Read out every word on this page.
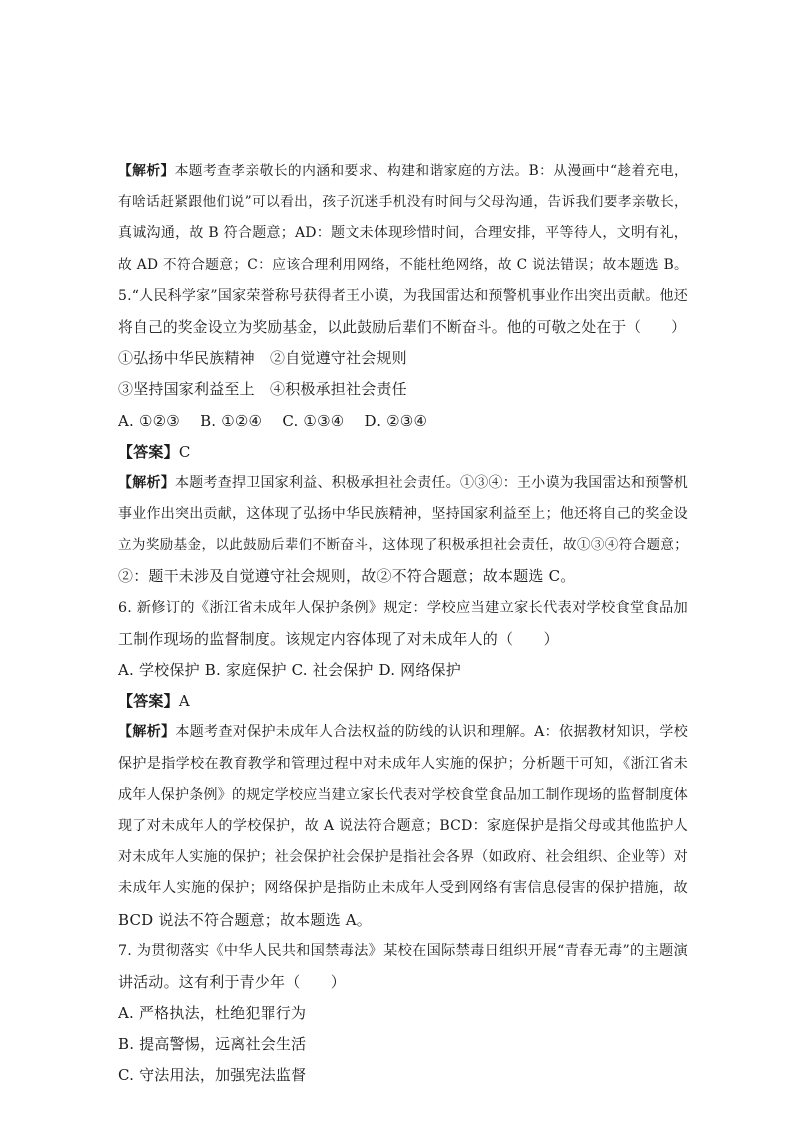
【解析】本题考查孝亲敬长的内涵和要求、构建和谐家庭的方法。B：从漫画中“趁着充电，
有啥话赶紧跟他们说”可以看出，孩子沉迷手机没有时间与父母沟通，告诉我们要孝亲敬长，
真诚沟通，故 B 符合题意；AD：题文未体现珍惜时间，合理安排，平等待人，文明有礼，
故 AD 不符合题意；C：应该合理利用网络，不能杜绝网络，故 C 说法错误；故本题选 B。
5.“人民科学家”国家荣誉称号获得者王小谟，为我国雷达和预警机事业作出突出贡献。他还
将自己的奖金设立为奖励基金，以此鼓励后辈们不断奋斗。他的可敬之处在于（　　）
①弘扬中华民族精神　②自觉遵守社会规则
③坚持国家利益至上　④积极承担社会责任
A. ①②③　 B. ①②④　 C. ①③④　 D. ②③④
【答案】C
【解析】本题考查捍卫国家利益、积极承担社会责任。①③④：王小谟为我国雷达和预警机
事业作出突出贡献，这体现了弘扬中华民族精神，坚持国家利益至上；他还将自己的奖金设
立为奖励基金，以此鼓励后辈们不断奋斗，这体现了积极承担社会责任，故①③④符合题意；
②：题干未涉及自觉遵守社会规则，故②不符合题意；故本题选 C。
6. 新修订的《浙江省未成年人保护条例》规定：学校应当建立家长代表对学校食堂食品加
工制作现场的监督制度。该规定内容体现了对未成年人的（　　）
A. 学校保护 B. 家庭保护 C. 社会保护 D. 网络保护
【答案】A
【解析】本题考查对保护未成年人合法权益的防线的认识和理解。A：依据教材知识，学校
保护是指学校在教育教学和管理过程中对未成年人实施的保护；分析题干可知，《浙江省未
成年人保护条例》的规定学校应当建立家长代表对学校食堂食品加工制作现场的监督制度体
现了对未成年人的学校保护，故 A 说法符合题意；BCD：家庭保护是指父母或其他监护人
对未成年人实施的保护；社会保护社会保护是指社会各界（如政府、社会组织、企业等）对
未成年人实施的保护；网络保护是指防止未成年人受到网络有害信息侵害的保护措施，故
BCD 说法不符合题意；故本题选 A。
7. 为贯彻落实《中华人民共和国禁毒法》某校在国际禁毒日组织开展“青春无毒”的主题演
讲活动。这有利于青少年（　　）
A. 严格执法，杜绝犯罪行为
B. 提高警惕，远离社会生活
C. 守法用法，加强宪法监督
